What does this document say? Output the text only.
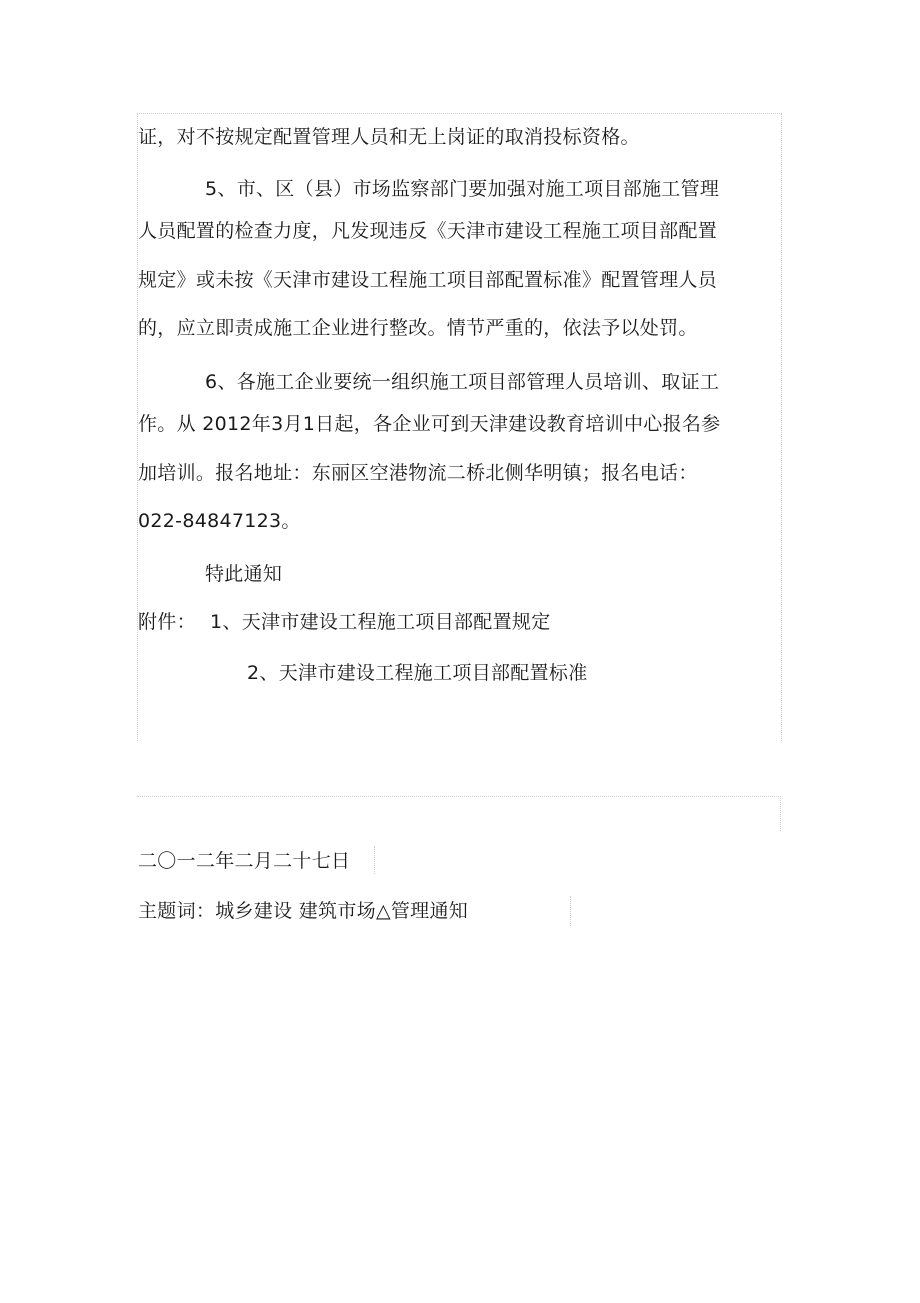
证，对不按规定配置管理人员和无上岗证的取消投标资格。
5、市、区（县）市场监察部门要加强对施工项目部施工管理
人员配置的检查力度，凡发现违反《天津市建设工程施工项目部配置
规定》或未按《天津市建设工程施工项目部配置标准》配置管理人员
的，应立即责成施工企业进行整改。情节严重的，依法予以处罚。
6、各施工企业要统一组织施工项目部管理人员培训、取证工
作。从 2012年3月1日起，各企业可到天津建设教育培训中心报名参
加培训。报名地址：东丽区空港物流二桥北侧华明镇；报名电话：
022-84847123。
特此通知
附件： 1、天津市建设工程施工项目部配置规定
2、天津市建设工程施工项目部配置标准
二〇一二年二月二十七日
主题词：城乡建设 建筑市场△管理通知
